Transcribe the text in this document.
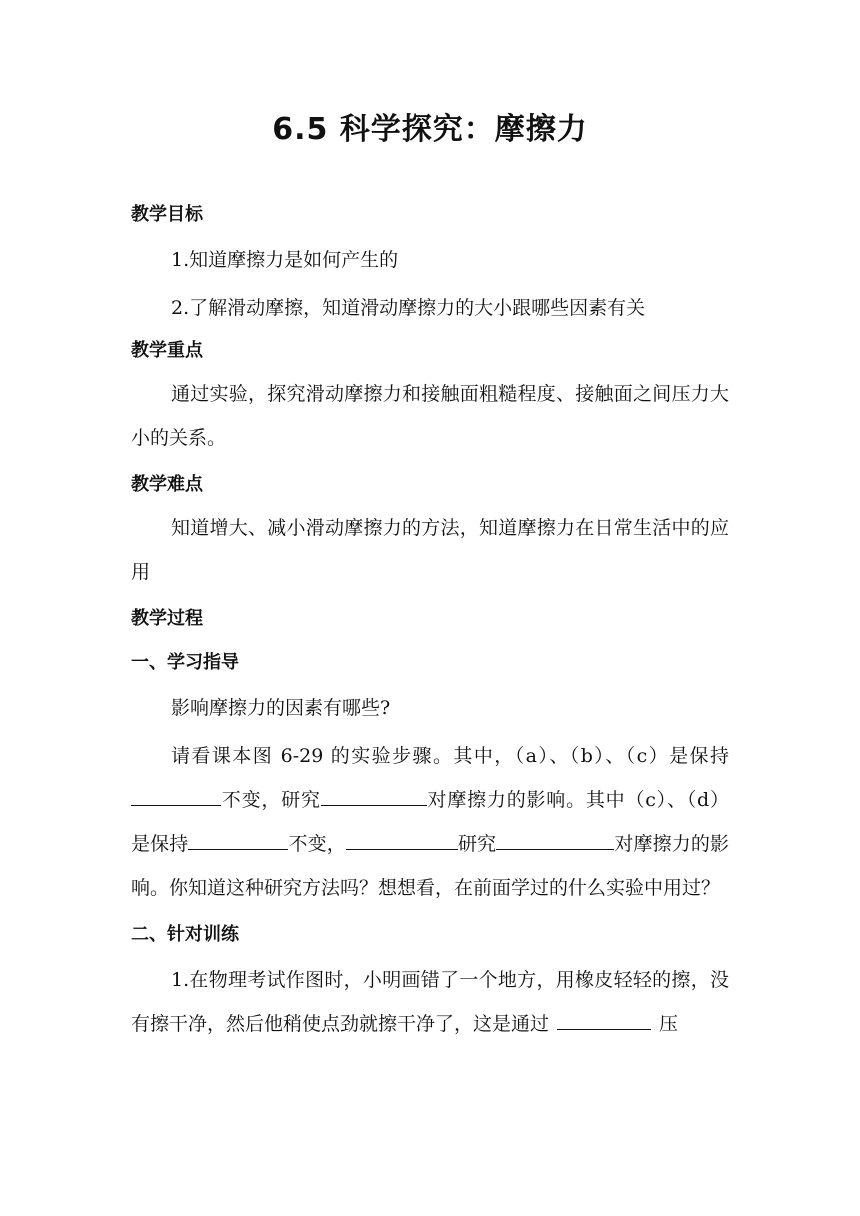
6.5 科学探究：摩擦力
教学目标
1.知道摩擦力是如何产生的
2.了解滑动摩擦，知道滑动摩擦力的大小跟哪些因素有关
教学重点
通过实验，探究滑动摩擦力和接触面粗糙程度、接触面之间压力大小的关系。
教学难点
知道增大、减小滑动摩擦力的方法，知道摩擦力在日常生活中的应用
教学过程
一、学习指导
影响摩擦力的因素有哪些?
请看课本图 6-29 的实验步骤。其中，（a）、（b）、（c）是保持不变，研究	对摩擦力的影响。其中（c）、（d）是保持	不变，	研究	对摩擦力的影响。你知道这种研究方法吗？想想看，在前面学过的什么实验中用过？
二、针对训练
1.在物理考试作图时，小明画错了一个地方，用橡皮轻轻的擦，没有擦干净，然后他稍使点劲就擦干净了，这是通过	压
